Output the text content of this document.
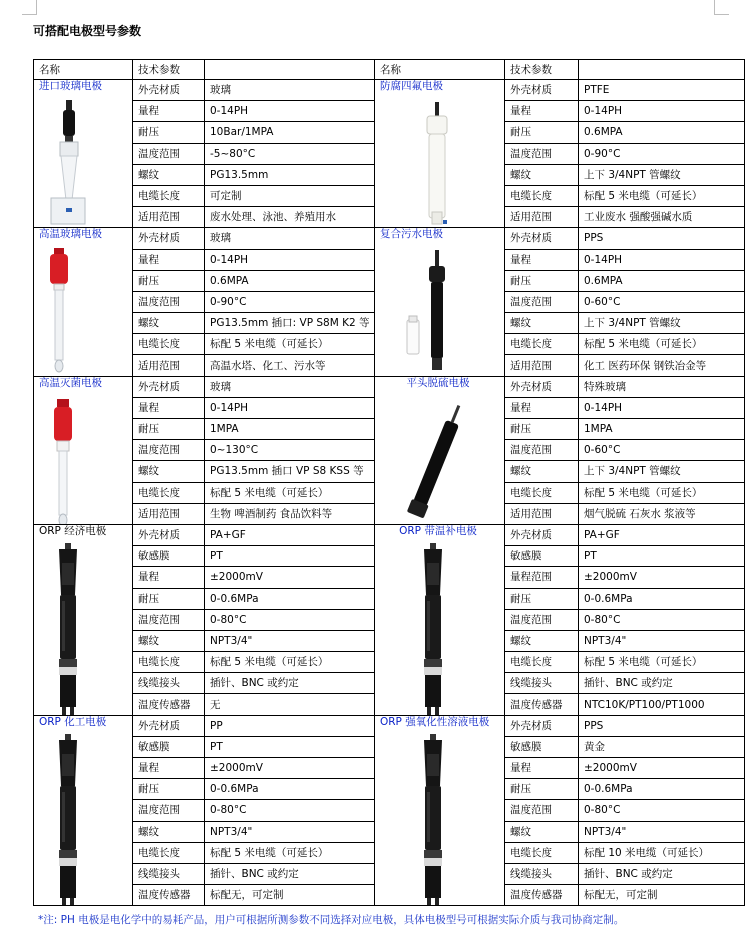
可搭配电极型号参数
名称	技术参数		名称	技术参数	
进口玻璃电极	外壳材质	玻璃	防腐四氟电极	外壳材质	PTFE
	量程	0-14PH		量程	0-14PH
	耐压	10Bar/1MPA		耐压	0.6MPA
	温度范围	-5~80°C		温度范围	0-90°C
	螺纹	PG13.5mm		螺纹	上下 3/4NPT 管螺纹
	电缆长度	可定制		电缆长度	标配 5 米电缆（可延长）
	适用范围	废水处理、泳池、养殖用水		适用范围	工业废水 强酸强碱水质
高温玻璃电极	外壳材质	玻璃	复合污水电极	外壳材质	PPS
	量程	0-14PH		量程	0-14PH
	耐压	0.6MPA		耐压	0.6MPA
	温度范围	0-90°C		温度范围	0-60°C
	螺纹	PG13.5mm 插口: VP S8M K2 等		螺纹	上下 3/4NPT 管螺纹
	电缆长度	标配 5 米电缆（可延长）		电缆长度	标配 5 米电缆（可延长）
	适用范围	高温水塔、化工、污水等		适用范围	化工 医药环保 钢铁冶金等
高温灭菌电极	外壳材质	玻璃	平头脱硫电极	外壳材质	特殊玻璃
	量程	0-14PH		量程	0-14PH
	耐压	1MPA		耐压	1MPA
	温度范围	0~130°C		温度范围	0-60°C
	螺纹	PG13.5mm 插口 VP S8 KSS 等		螺纹	上下 3/4NPT 管螺纹
	电缆长度	标配 5 米电缆（可延长）		电缆长度	标配 5 米电缆（可延长）
	适用范围	生物 啤酒制药 食品饮料等		适用范围	烟气脱硫 石灰水 浆液等
ORP 经济电极	外壳材质	PA+GF	ORP 带温补电极	外壳材质	PA+GF
	敏感膜	PT		敏感膜	PT
	量程	±2000mV		量程范围	±2000mV
	耐压	0-0.6MPa		耐压	0-0.6MPa
	温度范围	0-80°C		温度范围	0-80°C
	螺纹	NPT3/4"		螺纹	NPT3/4"
	电缆长度	标配 5 米电缆（可延长）		电缆长度	标配 5 米电缆（可延长）
	线缆接头	插针、BNC 或约定		线缆接头	插针、BNC 或约定
	温度传感器	无		温度传感器	NTC10K/PT100/PT1000
ORP 化工电极	外壳材质	PP	ORP 强氧化性溶液电极	外壳材质	PPS
	敏感膜	PT		敏感膜	黄金
	量程	±2000mV		量程	±2000mV
	耐压	0-0.6MPa		耐压	0-0.6MPa
	温度范围	0-80°C		温度范围	0-80°C
	螺纹	NPT3/4"		螺纹	NPT3/4"
	电缆长度	标配 5 米电缆（可延长）		电缆长度	标配 10 米电缆（可延长）
	线缆接头	插针、BNC 或约定		线缆接头	插针、BNC 或约定
	温度传感器	标配无，可定制		温度传感器	标配无，可定制
*注: PH 电极是电化学中的易耗产品，用户可根据所测参数不同选择对应电极，具体电极型号可根据实际介质与我司协商定制。
